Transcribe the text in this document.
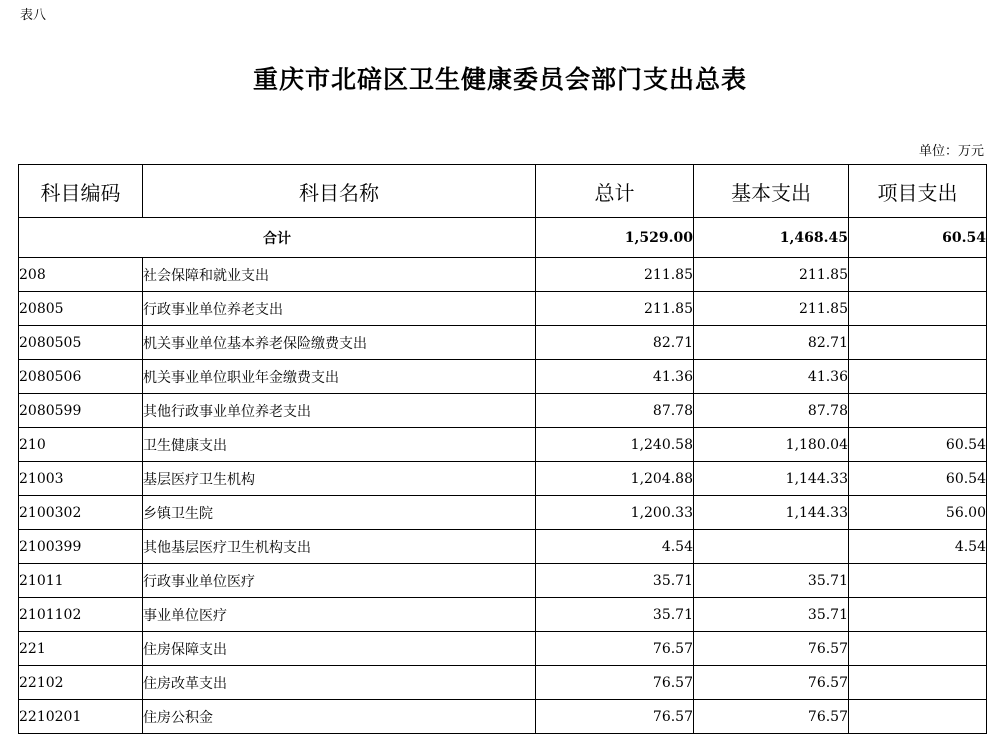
表八
重庆市北碚区卫生健康委员会部门支出总表
单位：万元
科目编码	科目名称	总计	基本支出	项目支出
合计		1,529.00	1,468.45	60.54
208	社会保障和就业支出	211.85	211.85	
20805	行政事业单位养老支出	211.85	211.85	
2080505	机关事业单位基本养老保险缴费支出	82.71	82.71	
2080506	机关事业单位职业年金缴费支出	41.36	41.36	
2080599	其他行政事业单位养老支出	87.78	87.78	
210	卫生健康支出	1,240.58	1,180.04	60.54
21003	基层医疗卫生机构	1,204.88	1,144.33	60.54
2100302	乡镇卫生院	1,200.33	1,144.33	56.00
2100399	其他基层医疗卫生机构支出	4.54		4.54
21011	行政事业单位医疗	35.71	35.71	
2101102	事业单位医疗	35.71	35.71	
221	住房保障支出	76.57	76.57	
22102	住房改革支出	76.57	76.57	
2210201	住房公积金	76.57	76.57	
